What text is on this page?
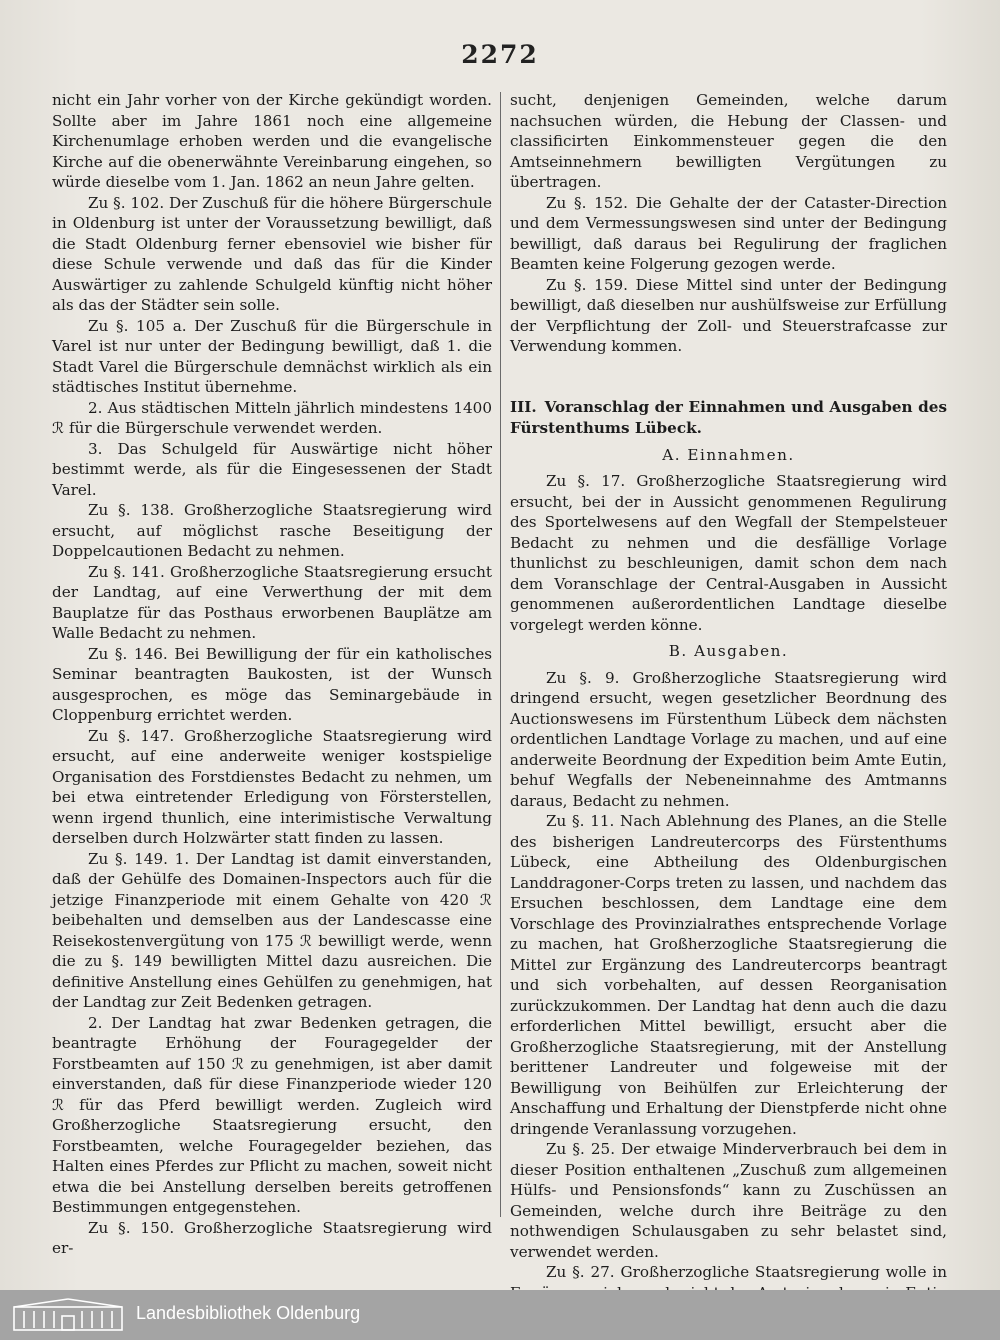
2272

nicht ein Jahr vorher von der Kirche gekündigt worden. Sollte aber im Jahre 1861 noch eine allgemeine Kirchenumlage erhoben werden und die evangelische Kirche auf die obenerwähnte Vereinbarung eingehen, so würde dieselbe vom 1. Jan. 1862 an neun Jahre gelten.

Zu §. 102. Der Zuschuß für die höhere Bürgerschule in Oldenburg ist unter der Voraussetzung bewilligt, daß die Stadt Oldenburg ferner ebensoviel wie bisher für diese Schule verwende und daß das für die Kinder Auswärtiger zu zahlende Schulgeld künftig nicht höher als das der Städter sein solle.

Zu §. 105 a. Der Zuschuß für die Bürgerschule in Varel ist nur unter der Bedingung bewilligt, daß 1. die Stadt Varel die Bürgerschule demnächst wirklich als ein städtisches Institut übernehme.

2. Aus städtischen Mitteln jährlich mindestens 1400 ℛ für die Bürgerschule verwendet werden.

3. Das Schulgeld für Auswärtige nicht höher bestimmt werde, als für die Eingesessenen der Stadt Varel.

Zu §. 138. Großherzogliche Staatsregierung wird ersucht, auf möglichst rasche Beseitigung der Doppelcautionen Bedacht zu nehmen.

Zu §. 141. Großherzogliche Staatsregierung ersucht der Landtag, auf eine Verwerthung der mit dem Bauplatze für das Posthaus erworbenen Bauplätze am Walle Bedacht zu nehmen.

Zu §. 146. Bei Bewilligung der für ein katholisches Seminar beantragten Baukosten, ist der Wunsch ausgesprochen, es möge das Seminargebäude in Cloppenburg errichtet werden.

Zu §. 147. Großherzogliche Staatsregierung wird ersucht, auf eine anderweite weniger kostspielige Organisation des Forstdienstes Bedacht zu nehmen, um bei etwa eintretender Erledigung von Försterstellen, wenn irgend thunlich, eine interimistische Verwaltung derselben durch Holzwärter statt finden zu lassen.

Zu §. 149. 1. Der Landtag ist damit einverstanden, daß der Gehülfe des Domainen-Inspectors auch für die jetzige Finanzperiode mit einem Gehalte von 420 ℛ beibehalten und demselben aus der Landescasse eine Reisekostenvergütung von 175 ℛ bewilligt werde, wenn die zu §. 149 bewilligten Mittel dazu ausreichen. Die definitive Anstellung eines Gehülfen zu genehmigen, hat der Landtag zur Zeit Bedenken getragen.

2. Der Landtag hat zwar Bedenken getragen, die beantragte Erhöhung der Fouragegelder der Forstbeamten auf 150 ℛ zu genehmigen, ist aber damit einverstanden, daß für diese Finanzperiode wieder 120 ℛ für das Pferd bewilligt werden. Zugleich wird Großherzogliche Staatsregierung ersucht, den Forstbeamten, welche Fouragegelder beziehen, das Halten eines Pferdes zur Pflicht zu machen, soweit nicht etwa die bei Anstellung derselben bereits getroffenen Bestimmungen entgegenstehen.

Zu §. 150. Großherzogliche Staatsregierung wird er-

sucht, denjenigen Gemeinden, welche darum nachsuchen würden, die Hebung der Classen- und classificirten Einkommensteuer gegen die den Amtseinnehmern bewilligten Vergütungen zu übertragen.

Zu §. 152. Die Gehalte der der Cataster-Direction und dem Vermessungswesen sind unter der Bedingung bewilligt, daß daraus bei Regulirung der fraglichen Beamten keine Folgerung gezogen werde.

Zu §. 159. Diese Mittel sind unter der Bedingung bewilligt, daß dieselben nur aushülfsweise zur Erfüllung der Verpflichtung der Zoll- und Steuerstrafcasse zur Verwendung kommen.

III. Voranschlag der Einnahmen und Ausgaben des Fürstenthums Lübeck.

A. Einnahmen.

Zu §. 17. Großherzogliche Staatsregierung wird ersucht, bei der in Aussicht genommenen Regulirung des Sportelwesens auf den Wegfall der Stempelsteuer Bedacht zu nehmen und die desfällige Vorlage thunlichst zu beschleunigen, damit schon dem nach dem Voranschlage der Central-Ausgaben in Aussicht genommenen außerordentlichen Landtage dieselbe vorgelegt werden könne.

B. Ausgaben.

Zu §. 9. Großherzogliche Staatsregierung wird dringend ersucht, wegen gesetzlicher Beordnung des Auctionswesens im Fürstenthum Lübeck dem nächsten ordentlichen Landtage Vorlage zu machen, und auf eine anderweite Beordnung der Expedition beim Amte Eutin, behuf Wegfalls der Nebeneinnahme des Amtmanns daraus, Bedacht zu nehmen.

Zu §. 11. Nach Ablehnung des Planes, an die Stelle des bisherigen Landreutercorps des Fürstenthums Lübeck, eine Abtheilung des Oldenburgischen Landdragoner-Corps treten zu lassen, und nachdem das Ersuchen beschlossen, dem Landtage eine dem Vorschlage des Provinzialrathes entsprechende Vorlage zu machen, hat Großherzogliche Staatsregierung die Mittel zur Ergänzung des Landreutercorps beantragt und sich vorbehalten, auf dessen Reorganisation zurückzukommen. Der Landtag hat denn auch die dazu erforderlichen Mittel bewilligt, ersucht aber die Großherzogliche Staatsregierung, mit der Anstellung berittener Landreuter und folgeweise mit der Bewilligung von Beihülfen zur Erleichterung der Anschaffung und Erhaltung der Dienstpferde nicht ohne dringende Veranlassung vorzugehen.

Zu §. 25. Der etwaige Minderverbrauch bei dem in dieser Position enthaltenen „Zuschuß zum allgemeinen Hülfs- und Pensionsfonds“ kann zu Zuschüssen an Gemeinden, welche durch ihre Beiträge zu den nothwendigen Schulausgaben zu sehr belastet sind, verwendet werden.

Zu §. 27. Großherzogliche Staatsregierung wolle in

Landesbibliothek Oldenburg
